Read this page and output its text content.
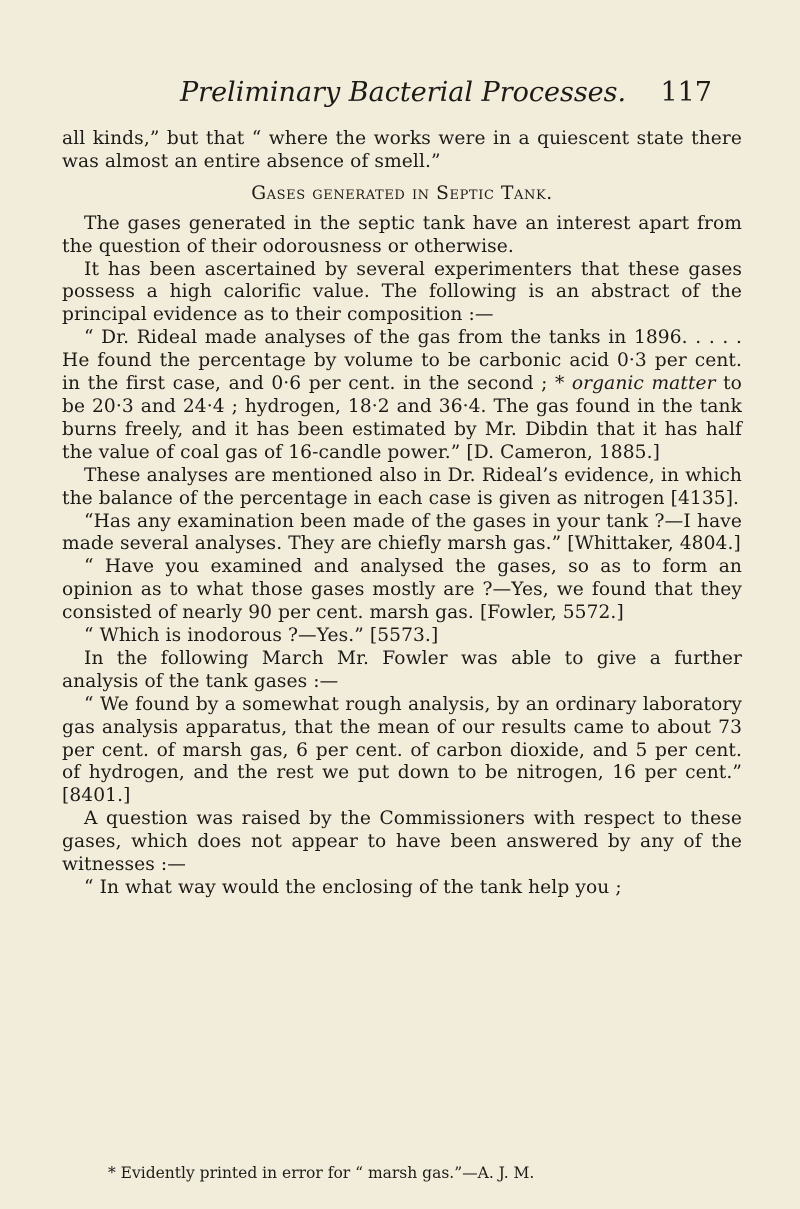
Preliminary Bacterial Processes. 117

all kinds,” but that “ where the works were in a quiescent state there was almost an entire absence of smell.”

Gases generated in Septic Tank.

The gases generated in the septic tank have an interest apart from the question of their odorousness or otherwise.

It has been ascertained by several experimenters that these gases possess a high calorific value. The following is an abstract of the principal evidence as to their composition :—

“ Dr. Rideal made analyses of the gas from the tanks in 1896. . . . . He found the percentage by volume to be carbonic acid 0·3 per cent. in the first case, and 0·6 per cent. in the second ; * organic matter to be 20·3 and 24·4 ; hydrogen, 18·2 and 36·4. The gas found in the tank burns freely, and it has been estimated by Mr. Dibdin that it has half the value of coal gas of 16-candle power.” [D. Cameron, 1885.]

These analyses are mentioned also in Dr. Rideal’s evidence, in which the balance of the percentage in each case is given as nitrogen [4135].

“Has any examination been made of the gases in your tank ?—I have made several analyses. They are chiefly marsh gas.” [Whittaker, 4804.]

“ Have you examined and analysed the gases, so as to form an opinion as to what those gases mostly are ?—Yes, we found that they consisted of nearly 90 per cent. marsh gas. [Fowler, 5572.]

“ Which is inodorous ?—Yes.” [5573.]

In the following March Mr. Fowler was able to give a further analysis of the tank gases :—

“ We found by a somewhat rough analysis, by an ordinary laboratory gas analysis apparatus, that the mean of our results came to about 73 per cent. of marsh gas, 6 per cent. of carbon dioxide, and 5 per cent. of hydrogen, and the rest we put down to be nitrogen, 16 per cent.” [8401.]

A question was raised by the Commissioners with respect to these gases, which does not appear to have been answered by any of the witnesses :—

“ In what way would the enclosing of the tank help you ;

* Evidently printed in error for “ marsh gas.”—A. J. M.
